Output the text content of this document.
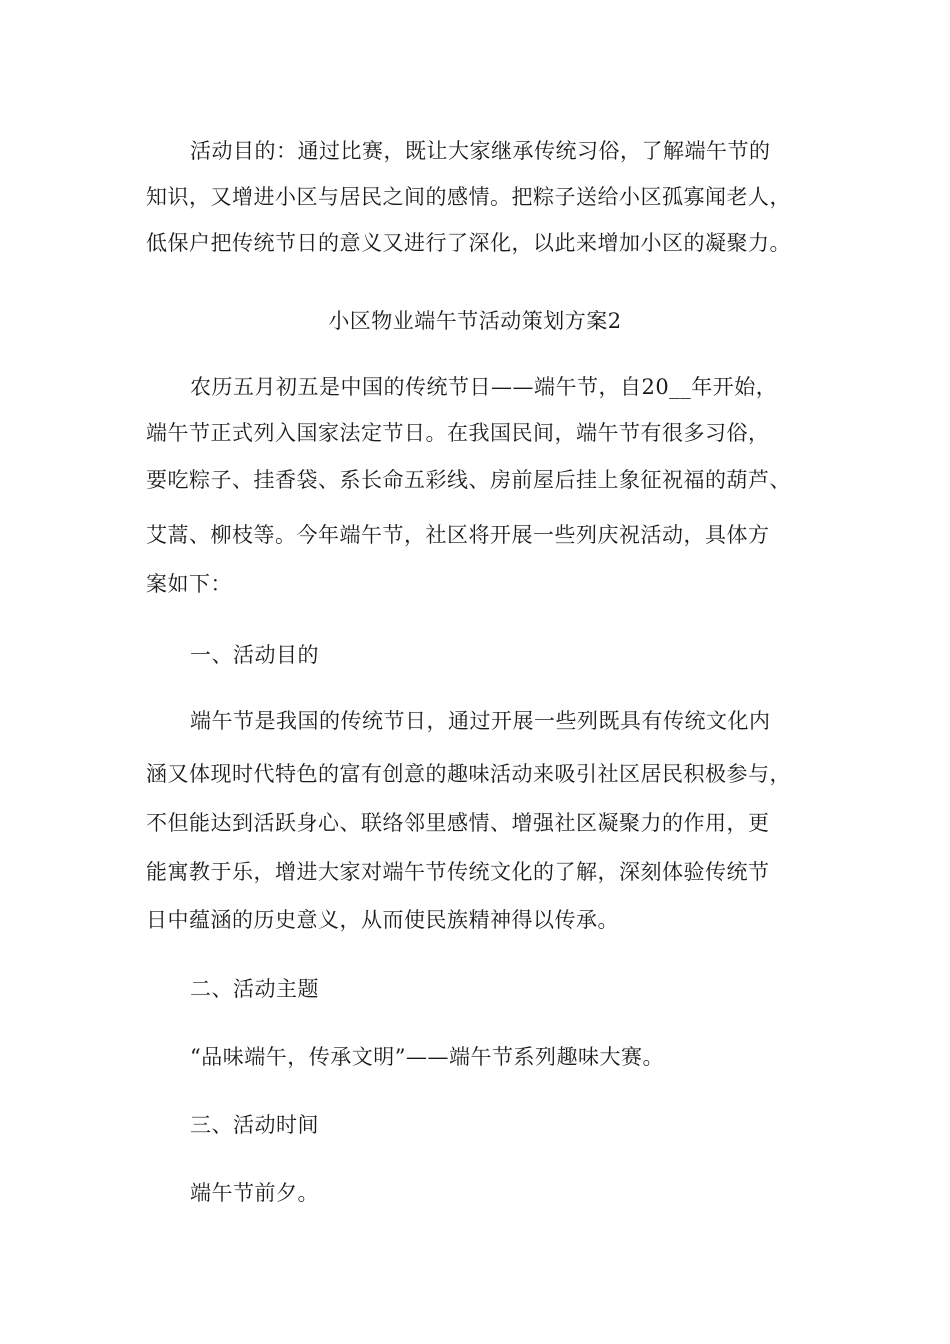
活动目的：通过比赛，既让大家继承传统习俗，了解端午节的
知识，又增进小区与居民之间的感情。把粽子送给小区孤寡闻老人，
低保户把传统节日的意义又进行了深化，以此来增加小区的凝聚力。
小区物业端午节活动策划方案2
农历五月初五是中国的传统节日——端午节，自20__年开始，
端午节正式列入国家法定节日。在我国民间，端午节有很多习俗，
要吃粽子、挂香袋、系长命五彩线、房前屋后挂上象征祝福的葫芦、
艾蒿、柳枝等。今年端午节，社区将开展一些列庆祝活动，具体方
案如下：
一、活动目的
端午节是我国的传统节日，通过开展一些列既具有传统文化内
涵又体现时代特色的富有创意的趣味活动来吸引社区居民积极参与，
不但能达到活跃身心、联络邻里感情、增强社区凝聚力的作用，更
能寓教于乐，增进大家对端午节传统文化的了解，深刻体验传统节
日中蕴涵的历史意义，从而使民族精神得以传承。
二、活动主题
“品味端午，传承文明”——端午节系列趣味大赛。
三、活动时间
端午节前夕。
